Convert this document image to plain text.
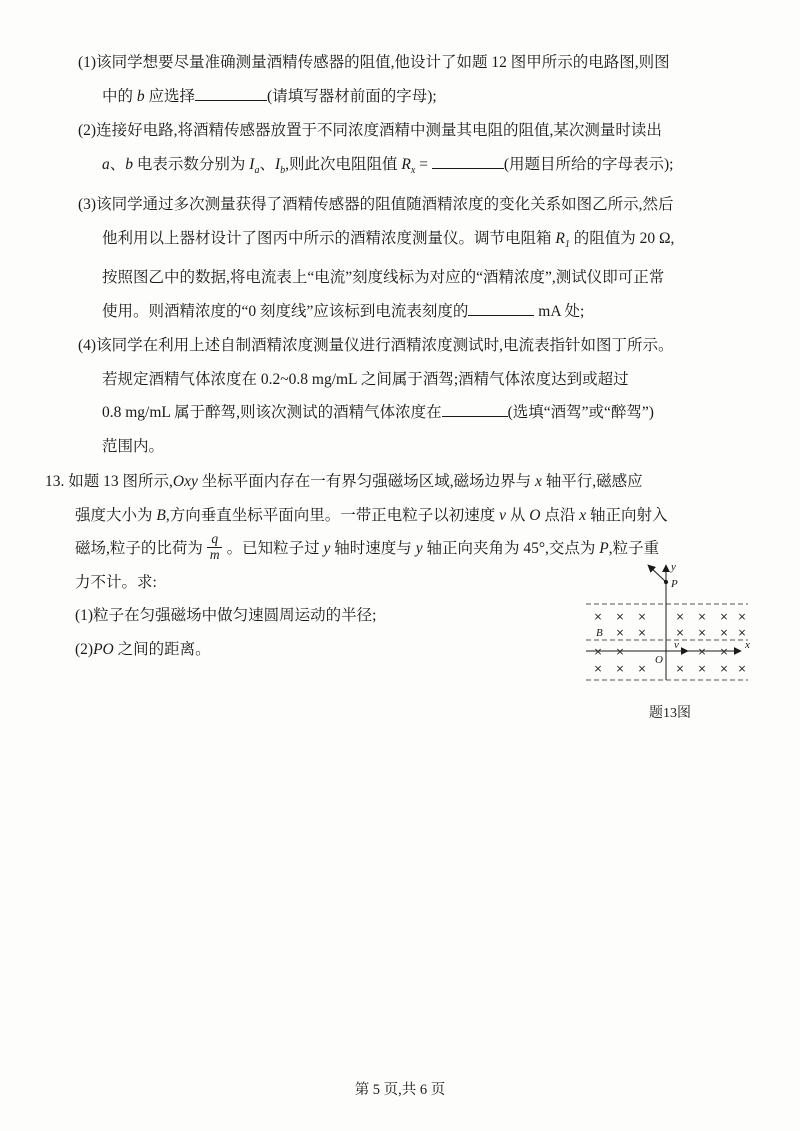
(1)该同学想要尽量准确测量酒精传感器的阻值,他设计了如题 12 图甲所示的电路图,则图
中的 b 应选择	(请填写器材前面的字母);
(2)连接好电路,将酒精传感器放置于不同浓度酒精中测量其电阻的阻值,某次测量时读出
a、b 电表示数分别为 $I_a$、$I_b$,则此次电阻阻值 $R_x$ =	(用题目所给的字母表示);
(3)该同学通过多次测量获得了酒精传感器的阻值随酒精浓度的变化关系如图乙所示,然后
他利用以上器材设计了图丙中所示的酒精浓度测量仪。调节电阻箱 $R_1$ 的阻值为 20 Ω,
按照图乙中的数据,将电流表上“电流”刻度线标为对应的“酒精浓度”,测试仪即可正常
使用。则酒精浓度的“0 刻度线”应该标到电流表刻度的	mA 处;
(4)该同学在利用上述自制酒精浓度测量仪进行酒精浓度测试时,电流表指针如图丁所示。
若规定酒精气体浓度在 0.2~0.8 mg/mL 之间属于酒驾;酒精气体浓度达到或超过
0.8 mg/mL 属于醉驾,则该次测试的酒精气体浓度在	(选填“酒驾”或“醉驾”)
范围内。
13. 如题 13 图所示,Oxy 坐标平面内存在一有界匀强磁场区域,磁场边界与 x 轴平行,磁感应
强度大小为 B,方向垂直坐标平面向里。一带正电粒子以初速度 v 从 O 点沿 x 轴正向射入
磁场,粒子的比荷为 $\frac{q}{m}$ 。已知粒子过 y 轴时速度与 y 轴正向夹角为 45°,交点为 P,粒子重
力不计。求:
(1)粒子在匀强磁场中做匀速圆周运动的半径;
(2)PO 之间的距离。
y
x
O
P
B
v
× × ×	× × × ×
× ×	× × × ×
× ×	× ×
× × ×	× × × ×
题13图
第 5 页,共 6 页
